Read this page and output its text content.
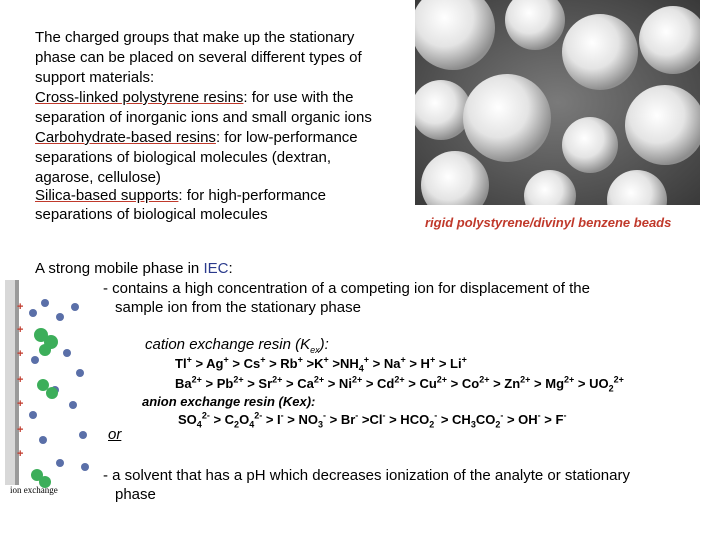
The charged groups that make up the stationary
phase can be placed on several different types of
support materials:
Cross-linked polystyrene resins: for use with the
separation of inorganic ions and small organic ions
Carbohydrate-based resins: for low-performance
separations of biological molecules (dextran,
agarose, cellulose)
Silica-based supports: for high-performance
separations of biological molecules	rigid polystyrene/divinyl benzene beads
A strong mobile phase in IEC:
- contains a high concentration of a competing ion for displacement of the
sample ion from the stationary phase
+
+
+
+
+
+
+
ion exchange
cation exchange resin $(K_{ex})$:
$Tl^+ > Ag^+ > Cs^+ > Rb^+ >K^+ >NH_4^+ > Na^+ > H^+ > Li^+$
$Ba^{2+} > Pb^{2+} > Sr^{2+} > Ca^{2+} > Ni^{2+} > Cd^{2+} > Cu^{2+} > Co^{2+} > Zn^{2+} > Mg^{2+} > UO_2^{2+}$
anion exchange resin (Kex):
$SO_4^{2-} > C_2O_4^{2-} > I^- > NO_3^- > Br^- >Cl^- > HCO_2^- > CH_3CO_2^- > OH^- > F^-$
or
- a solvent that has a pH which decreases ionization of the analyte or stationary
phase
